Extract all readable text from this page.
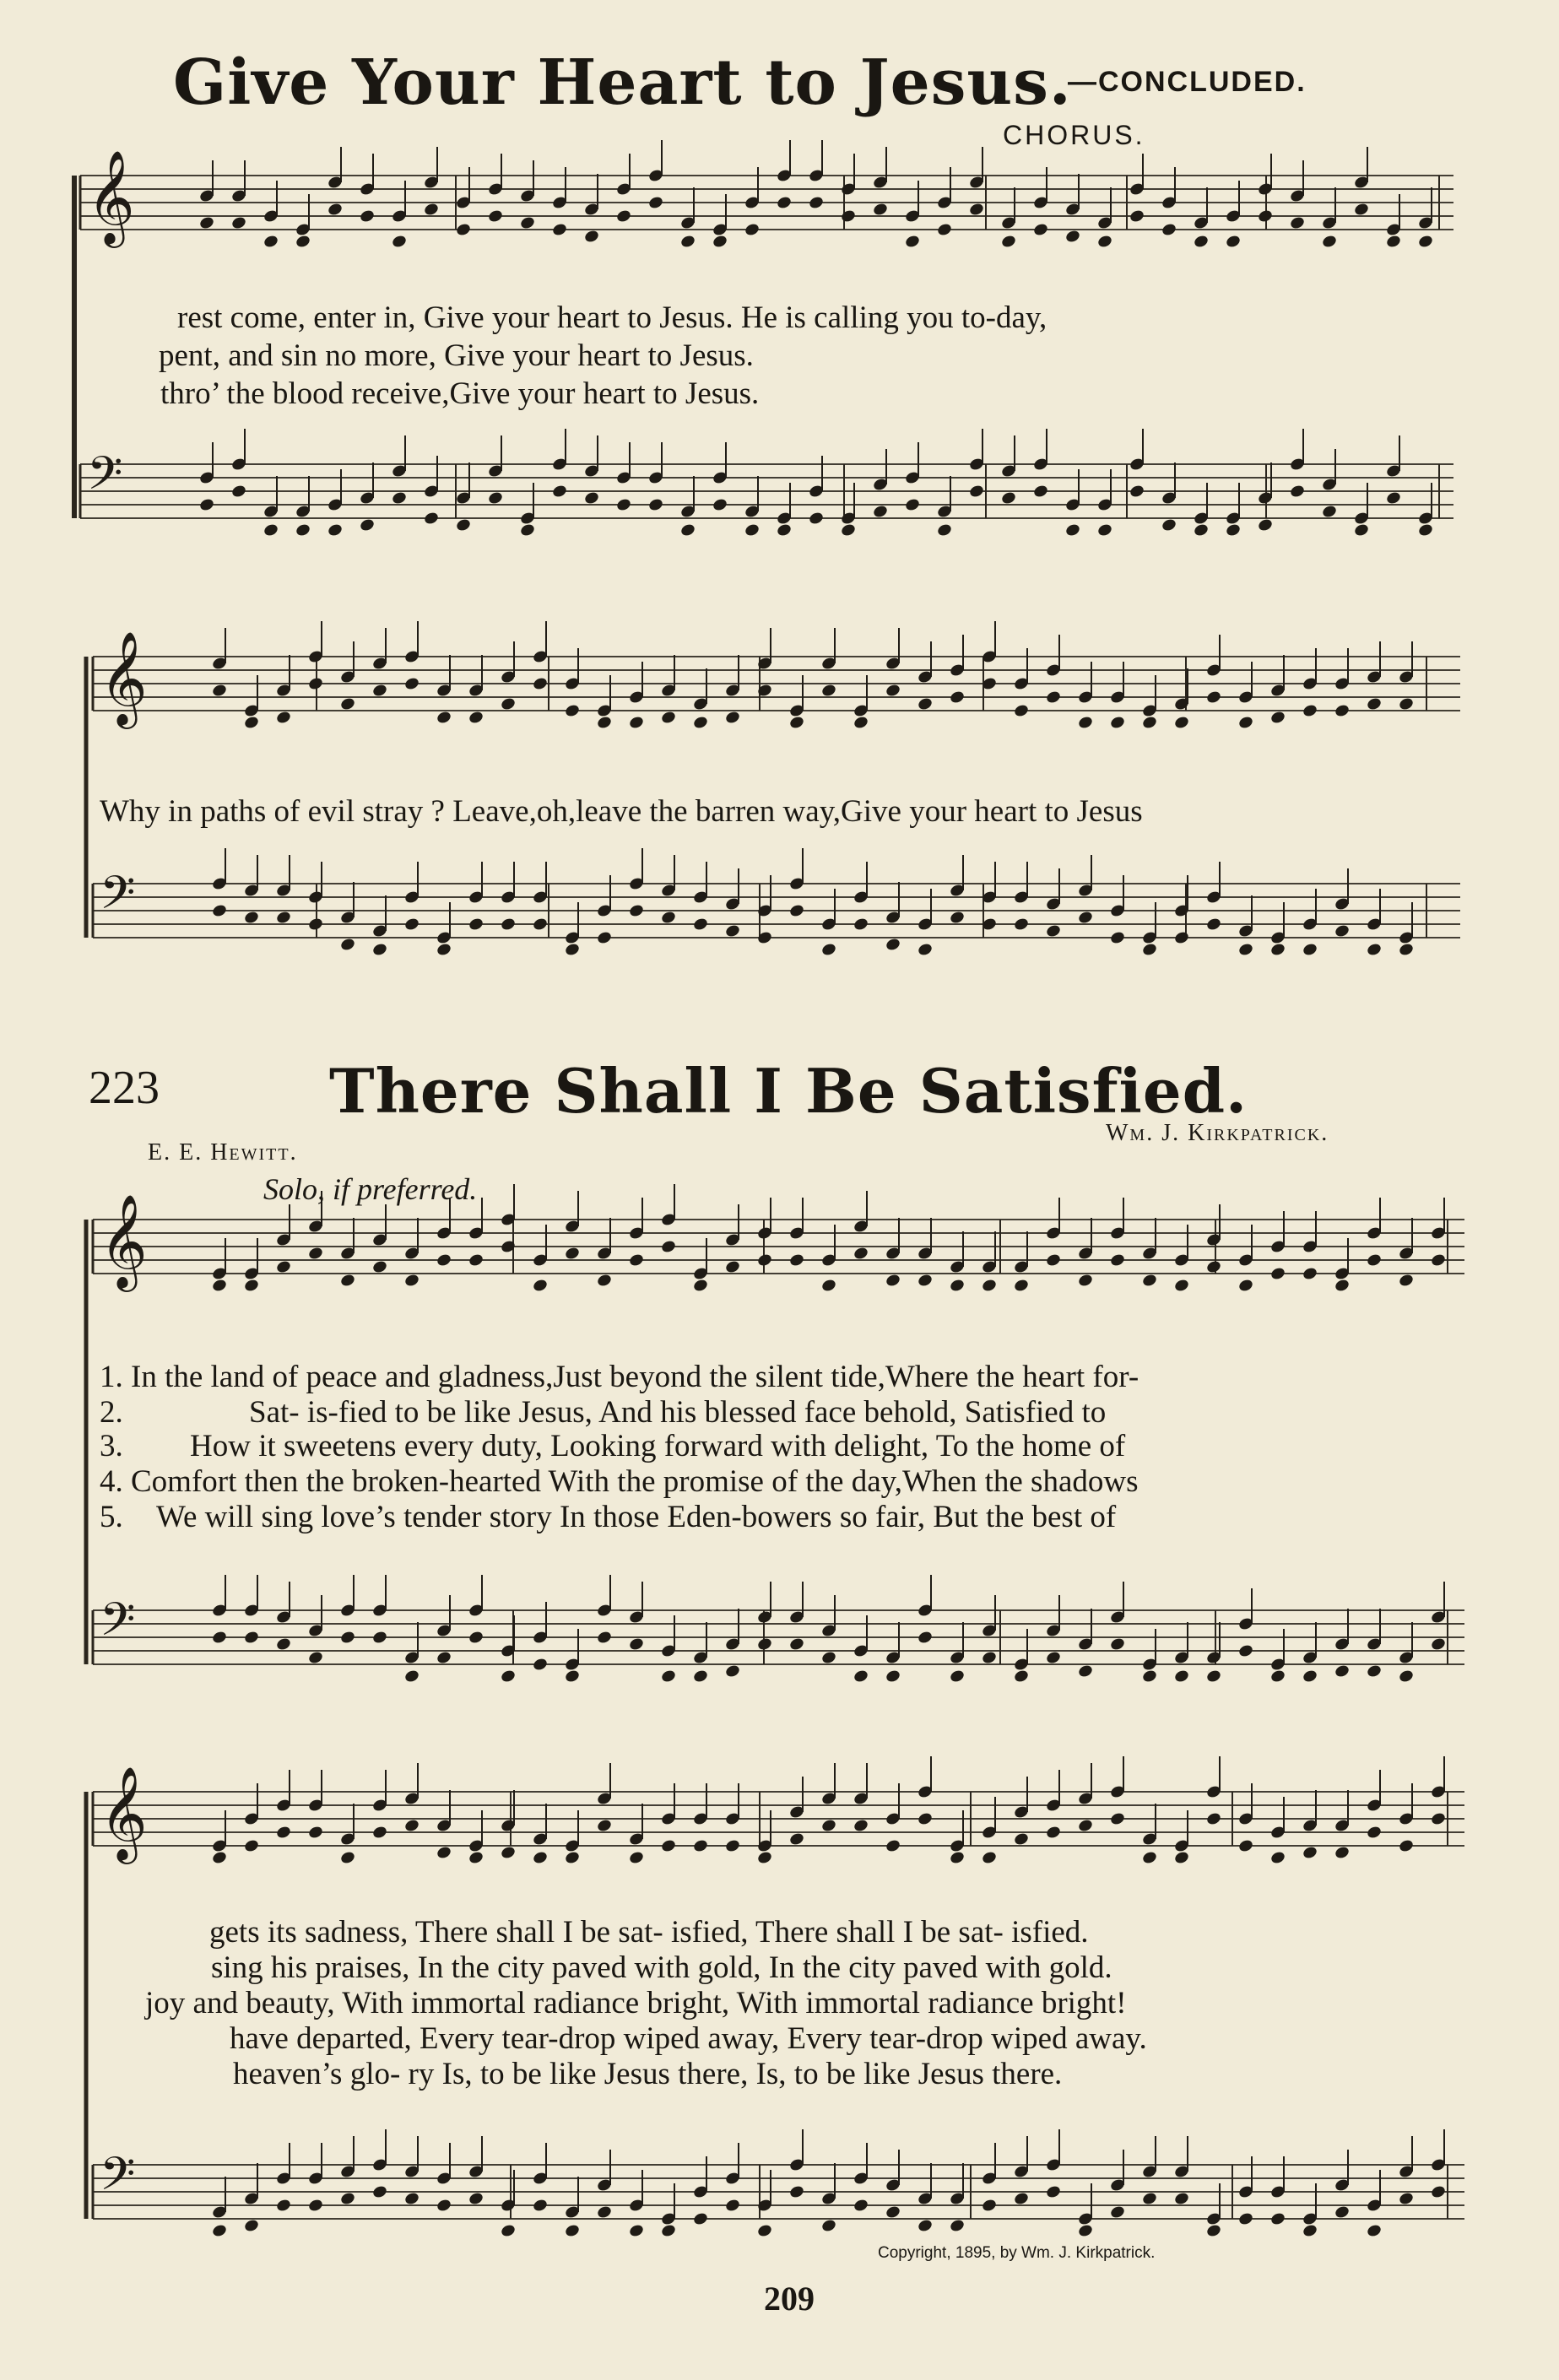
𝄞
𝄢
𝄞
𝄢
𝄞
𝄢
𝄞
𝄢
Give Your Heart to Jesus.
—CONCLUDED.
CHORUS.
rest come, enter in, Give your heart to Jesus. He is calling you to-day,
pent, and sin no more, Give your heart to Jesus.
thro’ the blood receive,Give your heart to Jesus.
Why in paths of evil stray ? Leave,oh,leave the barren way,Give your heart to Jesus
223	There Shall I Be Satisfied.
E. E. Hewitt.
Wm. J. Kirkpatrick.
Solo, if preferred.
1. In the land of peace and gladness,Just beyond the silent tide,Where the heart for-
2.	Sat- is-fied to be like Jesus, And his blessed face behold, Satisfied to
3. How it sweetens every duty, Looking forward with delight, To the home of
4. Comfort then the broken-hearted With the promise of the day,When the shadows
5. We will sing love’s tender story In those Eden-bowers so fair, But the best of
gets its sadness, There shall I be sat- isfied, There shall I be sat- isfied.
sing his praises, In the city paved with gold, In the city paved with gold.
joy and beauty, With immortal radiance bright, With immortal radiance bright!
have departed, Every tear-drop wiped away, Every tear-drop wiped away.
heaven’s glo- ry Is, to be like Jesus there, Is, to be like Jesus there.
Copyright, 1895, by Wm. J. Kirkpatrick.
209
